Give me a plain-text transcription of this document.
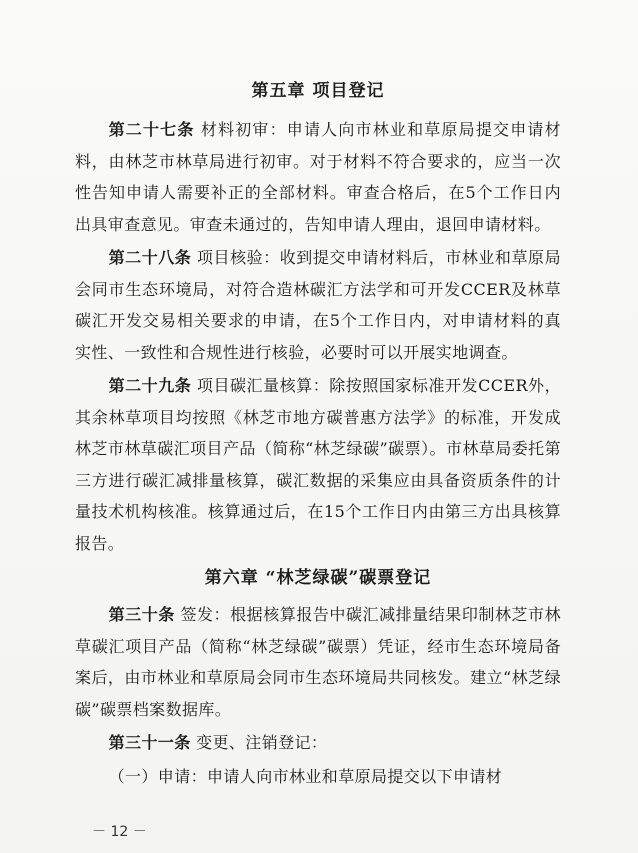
第五章 项目登记

第二十七条 材料初审：申请人向市林业和草原局提交申请材料，由林芝市林草局进行初审。对于材料不符合要求的，应当一次性告知申请人需要补正的全部材料。审查合格后，在5个工作日内出具审查意见。审查未通过的，告知申请人理由，退回申请材料。

第二十八条 项目核验：收到提交申请材料后，市林业和草原局会同市生态环境局，对符合造林碳汇方法学和可开发CCER及林草碳汇开发交易相关要求的申请，在5个工作日内，对申请材料的真实性、一致性和合规性进行核验，必要时可以开展实地调查。

第二十九条 项目碳汇量核算：除按照国家标准开发CCER外，其余林草项目均按照《林芝市地方碳普惠方法学》的标准，开发成林芝市林草碳汇项目产品（简称“林芝绿碳”碳票）。市林草局委托第三方进行碳汇减排量核算，碳汇数据的采集应由具备资质条件的计量技术机构核准。核算通过后，在15个工作日内由第三方出具核算报告。

第六章 “林芝绿碳”碳票登记

第三十条 签发：根据核算报告中碳汇减排量结果印制林芝市林草碳汇项目产品（简称“林芝绿碳”碳票）凭证，经市生态环境局备案后，由市林业和草原局会同市生态环境局共同核发。建立“林芝绿碳”碳票档案数据库。

第三十一条 变更、注销登记：

（一）申请：申请人向市林业和草原局提交以下申请材

－ 12 －
